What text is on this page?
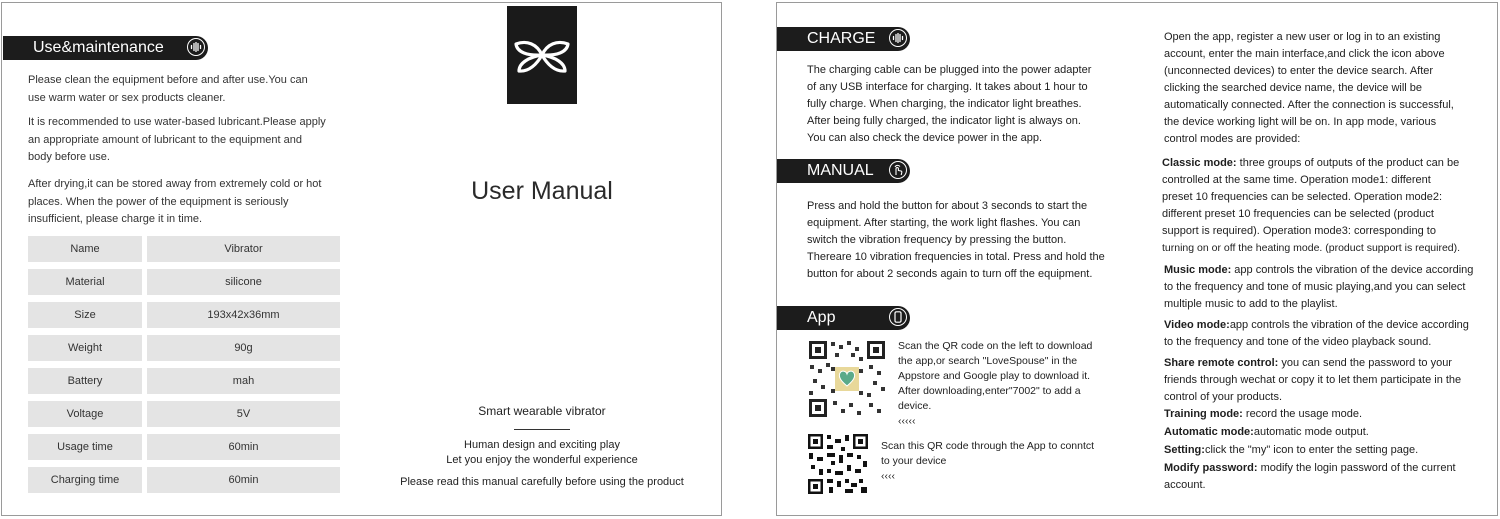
Use&maintenance

Please clean the equipment before and after use.You can
use warm water or sex products cleaner.

It is recommended to use water-based lubricant.Please apply
an appropriate amount of lubricant to the equipment and
body before use.

After drying,it can be stored away from extremely cold or hot
places. When the power of the equipment is seriously
insufficient, please charge it in time.

Name		Vibrator

Material		silicone

Size		193x42x36mm

Weight		90g

Battery		mah

Voltage		5V

Usage time		60min

Charging time		60min
User Manual
Smart wearable vibrator
Human design and exciting play
Let you enjoy the wonderful experience
Please read this manual carefully before using the product
CHARGE

The charging cable can be plugged into the power adapter
of any USB interface for charging. It takes about 1 hour to
fully charge. When charging, the indicator light breathes.
After being fully charged, the indicator light is always on.
You can also check the device power in the app.

MANUAL

Press and hold the button for about 3 seconds to start the
equipment. After starting, the work light flashes. You can
switch the vibration frequency by pressing the button.
Thereare 10 vibration frequencies in total. Press and hold the
button for about 2 seconds again to turn off the equipment.

App

Scan the QR code on the left to download
the app,or search "LoveSpouse" in the
Appstore and Google play to download it.
After downloading,enter"7002" to add a
device.
‹‹‹‹‹

Scan this QR code through the App to conntct
to your device
‹‹‹‹

Open the app, register a new user or log in to an existing
account, enter the main interface,and click the icon above
(unconnected devices) to enter the device search. After
clicking the searched device name, the device will be
automatically connected. After the connection is successful,
the device working light will be on. In app mode, various
control modes are provided:

Classic mode: three groups of outputs of the product can be
controlled at the same time. Operation mode1: different
preset 10 frequencies can be selected. Operation mode2:
different preset 10 frequencies can be selected (product
support is required). Operation mode3: corresponding to
turning on or off the heating mode. (product support is required).

Music mode: app controls the vibration of the device according
to the frequency and tone of music playing,and you can select
multiple music to add to the playlist.

Video mode:app controls the vibration of the device according
to the frequency and tone of the video playback sound.

Share remote control: you can send the password to your
friends through wechat or copy it to let them participate in the
control of your products.

Training mode: record the usage mode.

Automatic mode:automatic mode output.

Setting:click the "my" icon to enter the setting page.

Modify password: modify the login password of the current
account.
